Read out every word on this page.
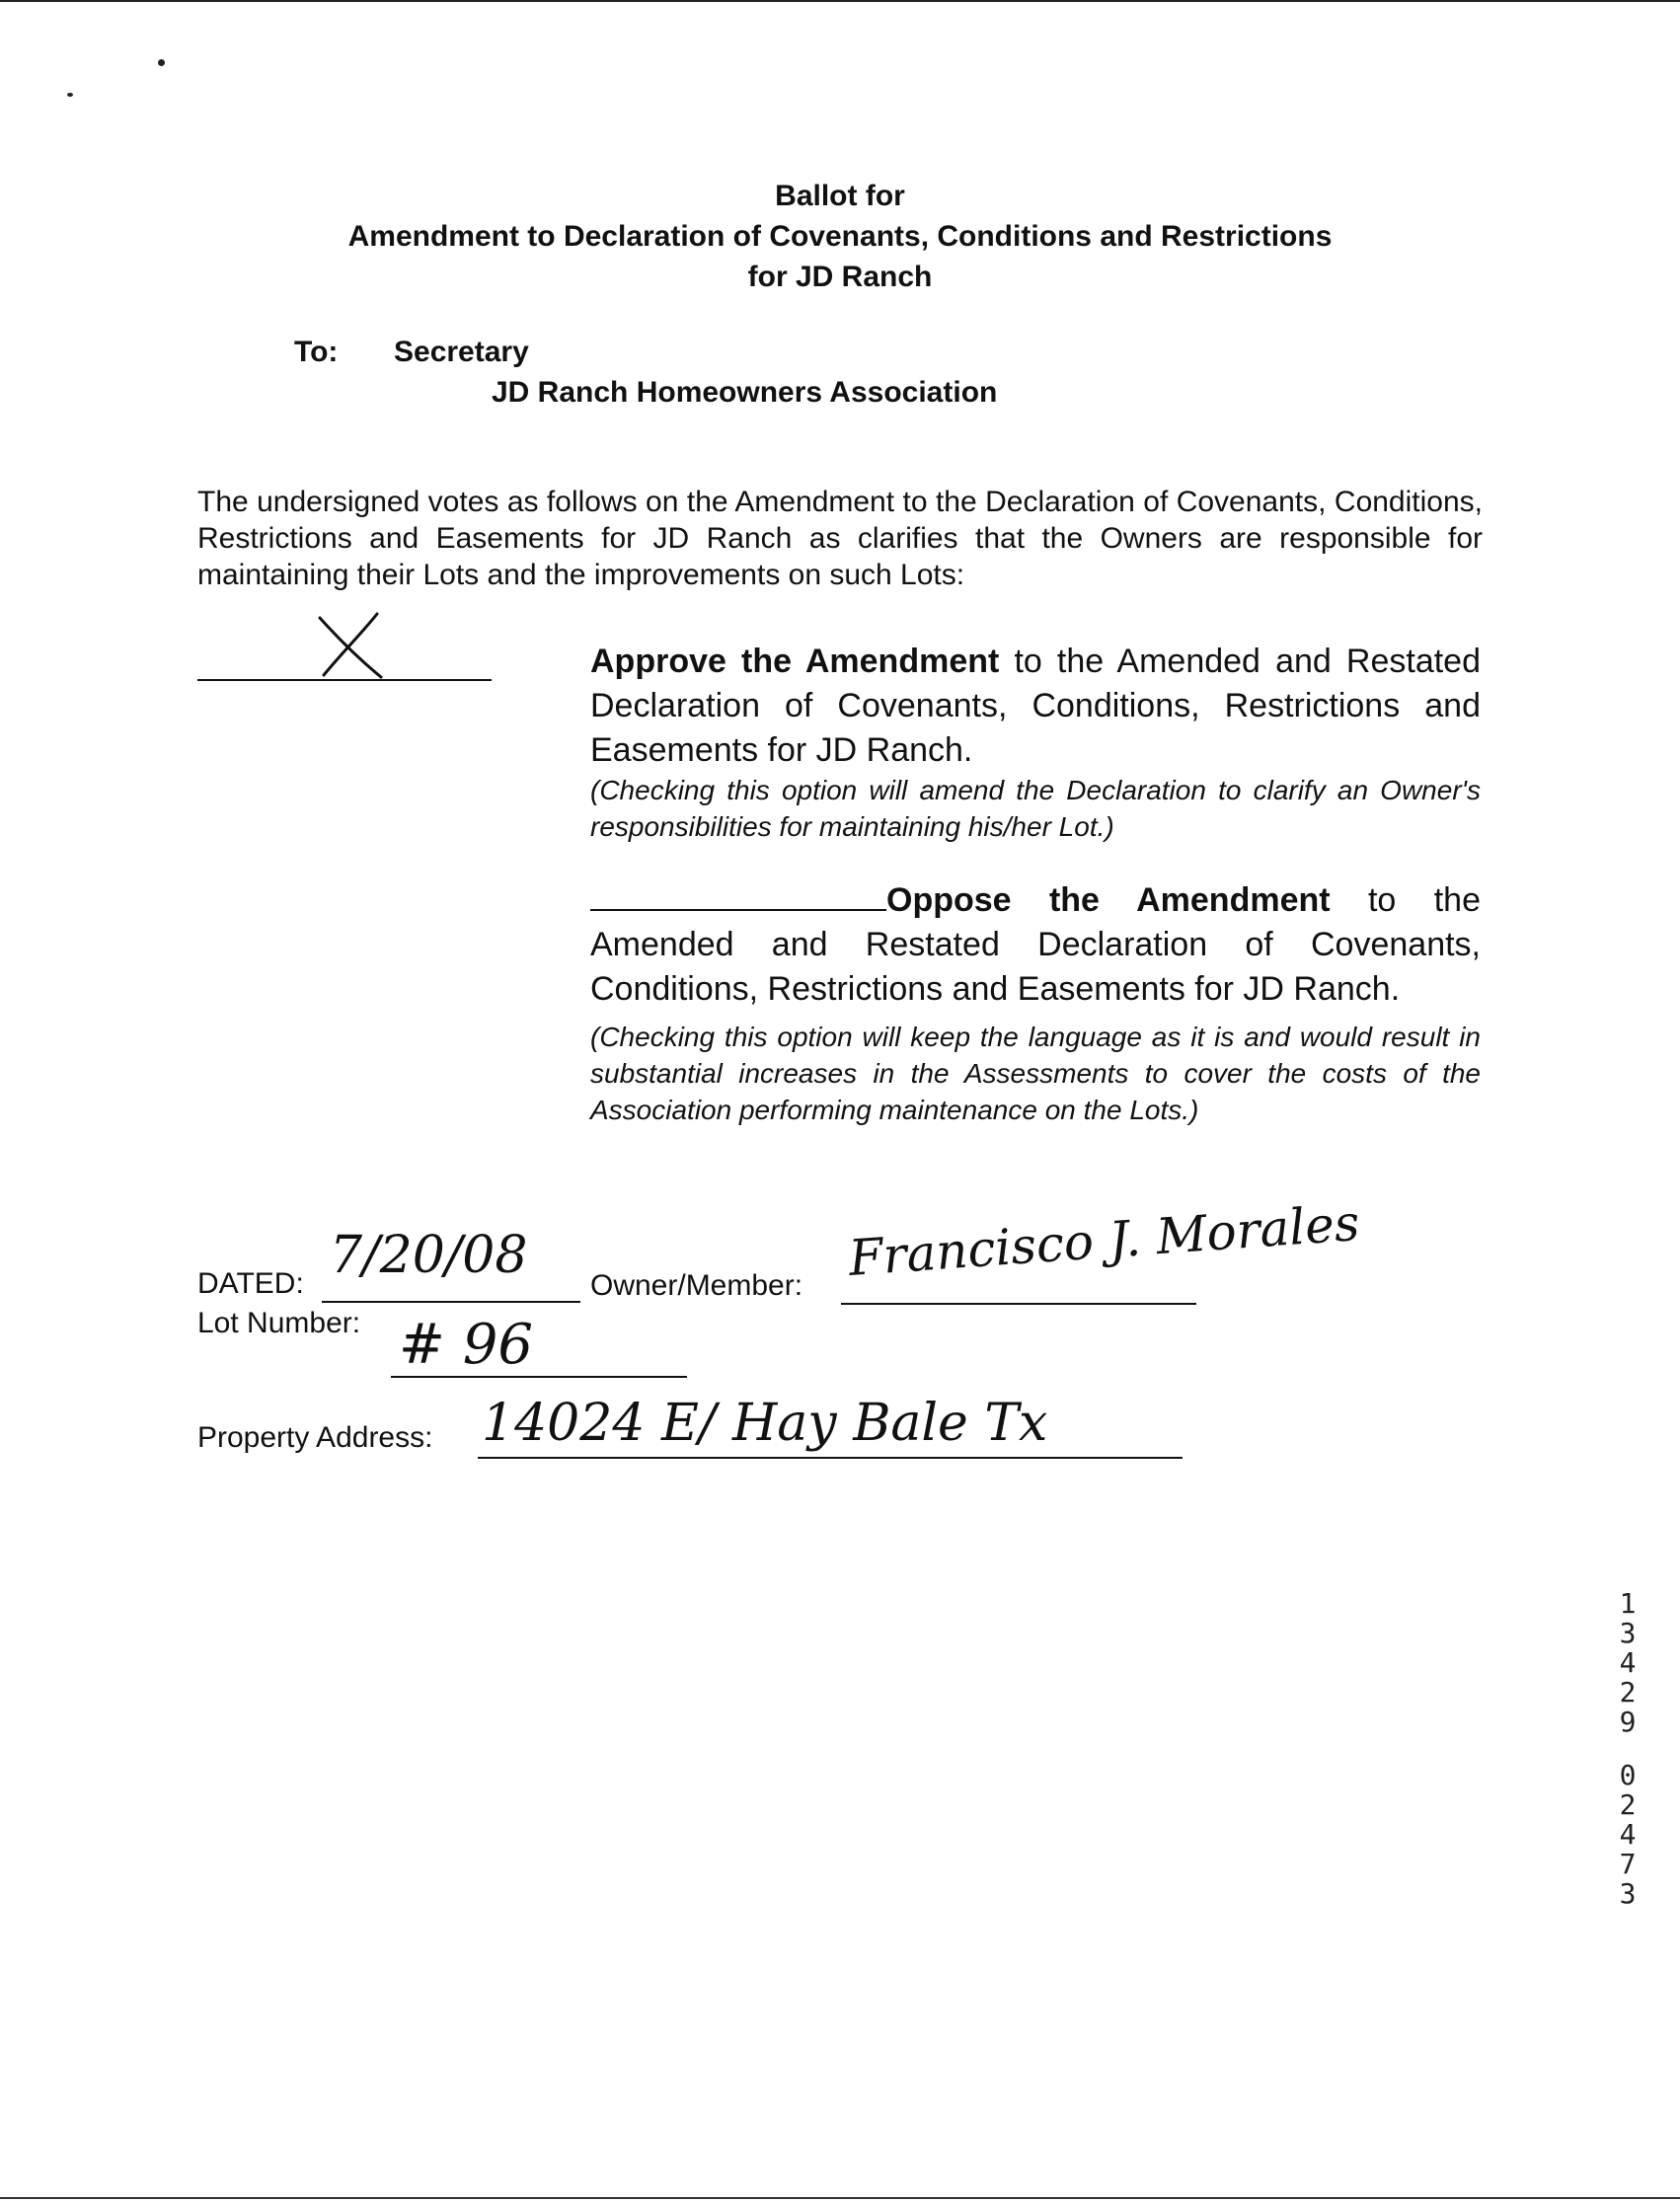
Ballot for
Amendment to Declaration of Covenants, Conditions and Restrictions
for JD Ranch
To: Secretary
JD Ranch Homeowners Association
The undersigned votes as follows on the Amendment to the Declaration of Covenants, Conditions, Restrictions and Easements for JD Ranch as clarifies that the Owners are responsible for maintaining their Lots and the improvements on such Lots:
Approve the Amendment to the Amended and Restated Declaration of Covenants, Conditions, Restrictions and Easements for JD Ranch.
(Checking this option will amend the Declaration to clarify an Owner's responsibilities for maintaining his/her Lot.)
Oppose the Amendment to the Amended and Restated Declaration of Covenants, Conditions, Restrictions and Easements for JD Ranch.
(Checking this option will keep the language as it is and would result in substantial increases in the Assessments to cover the costs of the Association performing maintenance on the Lots.)
DATED: 7/20/08
Owner/Member: Francisco J. Morales
Lot Number: # 96
Property Address: 14024 E/ Hay Bale Tx
1
3
4
2
9
0
2
4
7
3
